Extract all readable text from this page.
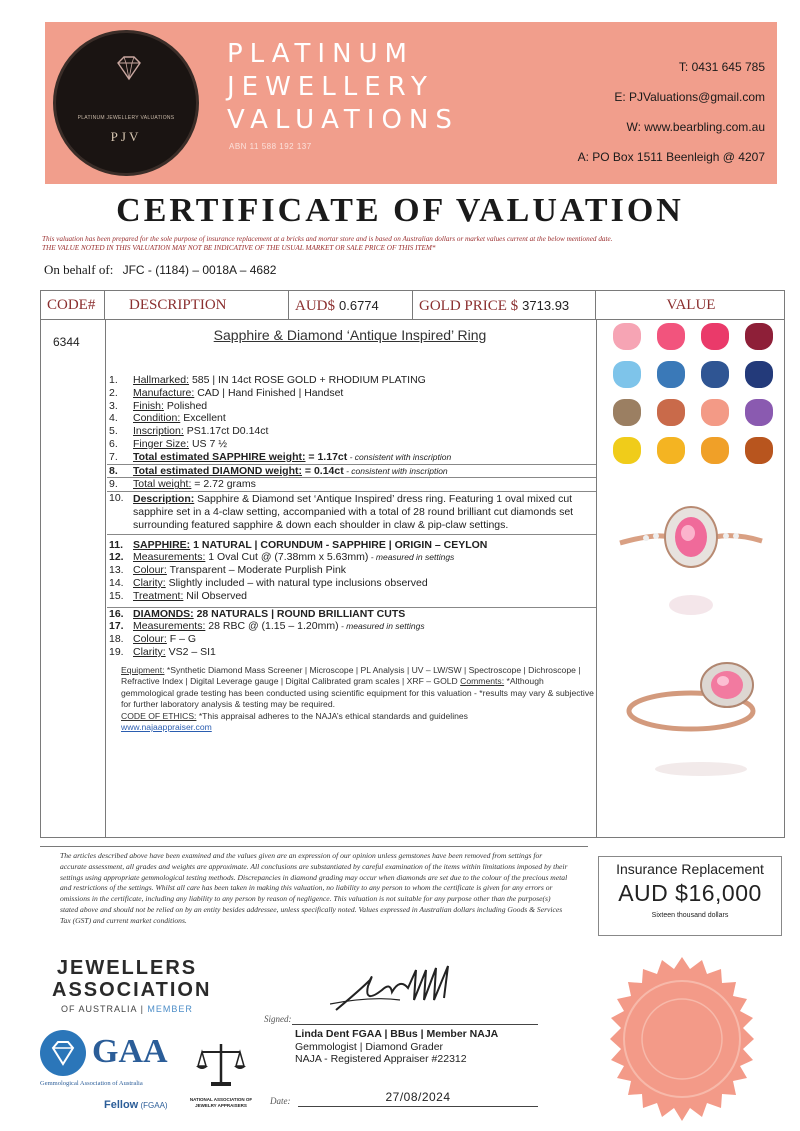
PLATINUM JEWELLERY VALUATIONS
PJV
PLATINUM
JEWELLERY
VALUATIONS
ABN 11 588 192 137
T: 0431 645 785
E: PJValuations@gmail.com
W: www.bearbling.com.au
A: PO Box 1511 Beenleigh @ 4207
CERTIFICATE OF VALUATION
This valuation has been prepared for the sole purpose of insurance replacement at a bricks and mortar store and is based on Australian dollars or market values current at the below mentioned date.
THE VALUE NOTED IN THIS VALUATION MAY NOT BE INDICATIVE OF THE USUAL MARKET OR SALE PRICE OF THIS ITEM*
On behalf of: JFC - (1184) – 0018A – 4682
CODE#	DESCRIPTION	AUD$ 0.6774	GOLD PRICE $ 3713.93	VALUE
6344	Sapphire & Diamond ‘Antique Inspired’ Ring
1. Hallmarked: 585 | IN 14ct ROSE GOLD + RHODIUM PLATING
2. Manufacture: CAD | Hand Finished | Handset
3. Finish: Polished
4. Condition: Excellent
5. Inscription: PS1.17ct D0.14ct
6. Finger Size: US 7 ½
7. Total estimated SAPPHIRE weight: = 1.17ct - consistent with inscription
8. Total estimated DIAMOND weight: = 0.14ct - consistent with inscription
9. Total weight: = 2.72 grams
10. Description: Sapphire & Diamond set ‘Antique Inspired’ dress ring. Featuring 1 oval mixed cut sapphire set in a 4-claw setting, accompanied with a total of 28 round brilliant cut diamonds set surrounding featured sapphire & down each shoulder in claw & pip-claw settings.
11. SAPPHIRE: 1 NATURAL | CORUNDUM - SAPPHIRE | ORIGIN – CEYLON
12. Measurements: 1 Oval Cut @ (7.38mm x 5.63mm) - measured in settings
13. Colour: Transparent – Moderate Purplish Pink
14. Clarity: Slightly included – with natural type inclusions observed
15. Treatment: Nil Observed
16. DIAMONDS: 28 NATURALS | ROUND BRILLIANT CUTS
17. Measurements: 28 RBC @ (1.15 – 1.20mm) - measured in settings
18. Colour: F – G
19. Clarity: VS2 – SI1
Equipment: *Synthetic Diamond Mass Screener | Microscope | PL Analysis | UV – LW/SW | Spectroscope | Dichroscope | Refractive Index | Digital Leverage gauge | Digital Calibrated gram scales | XRF – GOLD Comments: *Although gemmological grade testing has been conducted using scientific equipment for this valuation - *results may vary & subjective for further laboratory analysis & testing may be required.
CODE OF ETHICS: *This appraisal adheres to the NAJA’s ethical standards and guidelines
www.najaappraiser.com
The articles described above have been examined and the values given are an expression of our opinion unless gemstones have been removed from settings for accurate assessment, all grades and weights are approximate. All conclusions are substantiated by careful examination of the items within limitations imposed by their settings using appropriate gemmological testing methods. Discrepancies in diamond grading may occur when diamonds are set due to the colour of the precious metal and restrictions of the settings. Whilst all care has been taken in making this valuation, no liability to any person to whom the certificate is given for any errors or omissions in the certificate, including any liability to any person by reason of negligence. This valuation is not suitable for any purpose other than the purpose(s) stated above and should not be relied on by an entity besides addressee, unless specifically noted. Values expressed in Australian dollars including Goods & Services Tax (GST) and current market conditions.
Insurance Replacement
AUD $16,000
Sixteen thousand dollars
JEWELLERS
ASSOCIATION
OF AUSTRALIA | MEMBER
GAA
Gemmological Association of Australia
Fellow (FGAA)
NATIONAL ASSOCIATION OF
JEWELRY APPRAISERS
Signed:
Linda Dent FGAA | BBus | Member NAJA
Gemmologist | Diamond Grader
NAJA - Registered Appraiser #22312
Date:	27/08/2024
